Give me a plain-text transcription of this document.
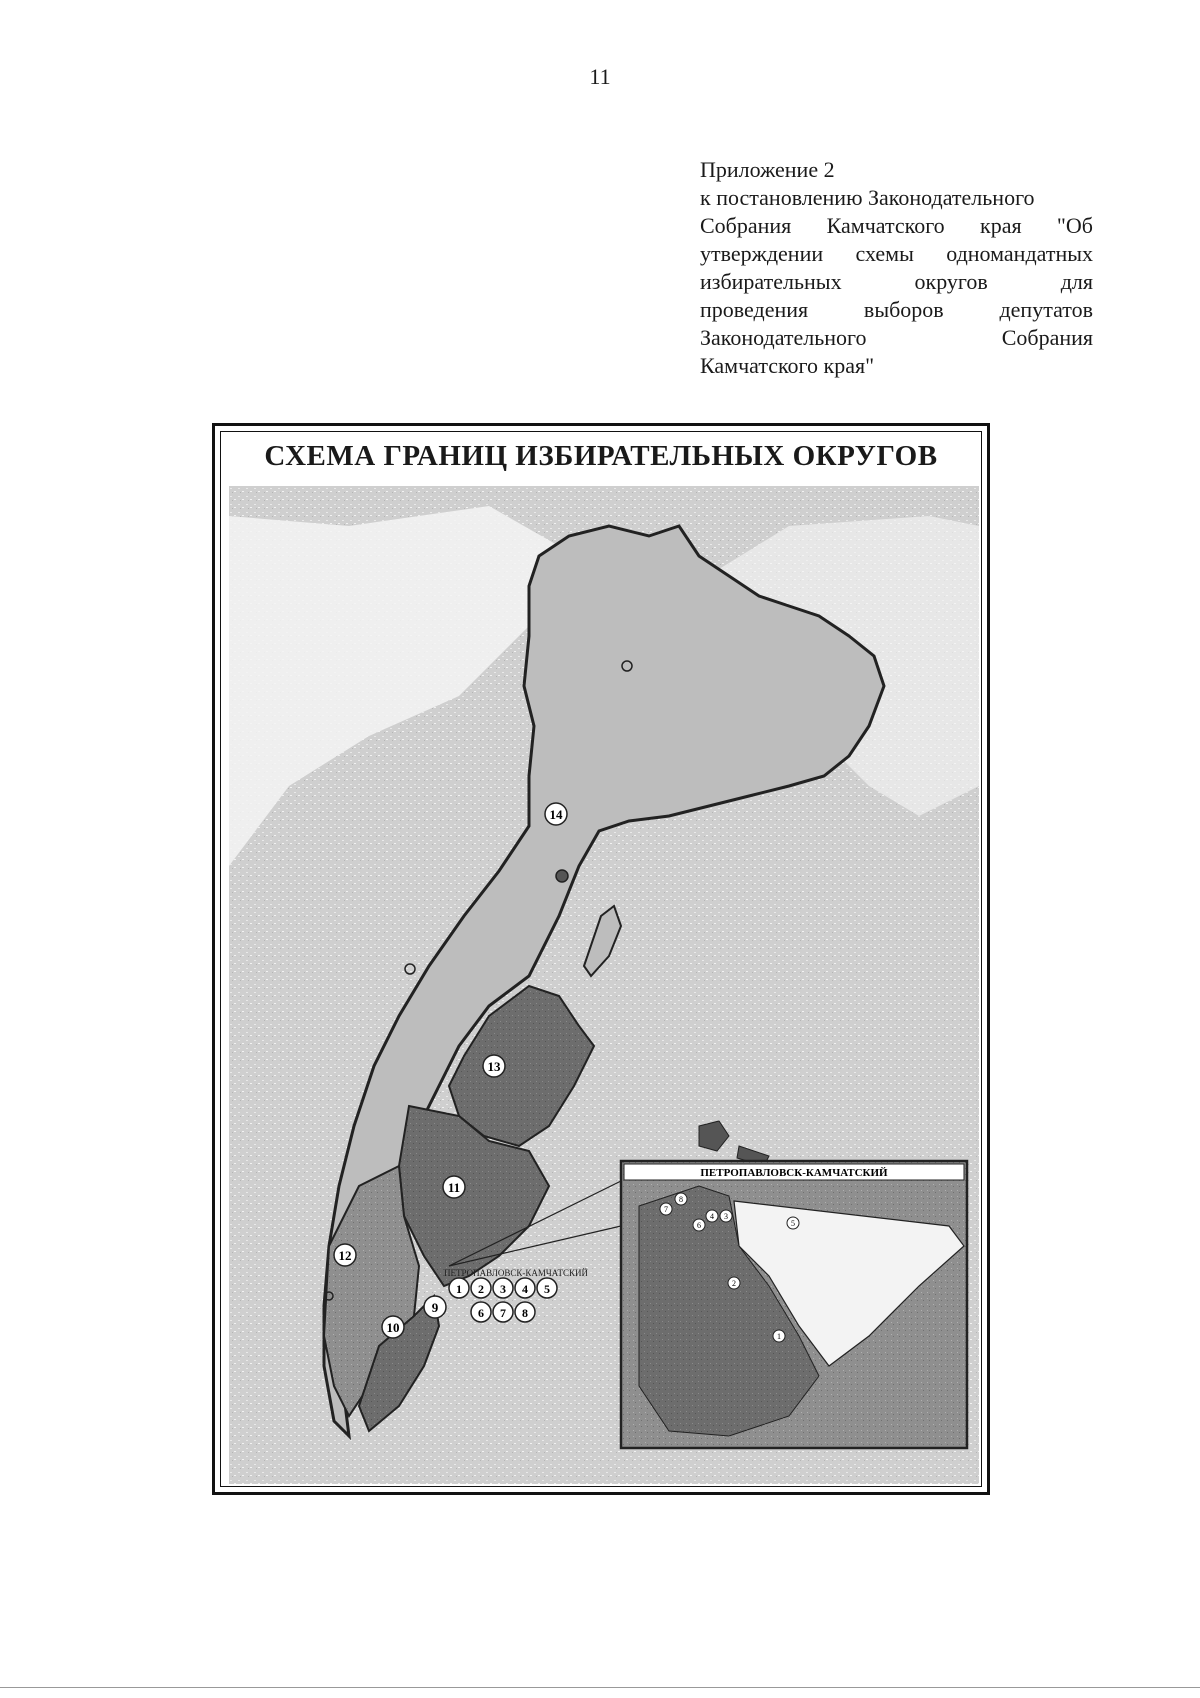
11
Приложение 2
к постановлению Законодательного
Собрания Камчатского края "Об
утверждении схемы одномандатных
избирательных округов для
проведения выборов депутатов
Законодательного Собрания
Камчатского края"
СХЕМА ГРАНИЦ ИЗБИРАТЕЛЬНЫХ ОКРУГОВ
14
13
11
12
10
9
ПЕТРОПАВЛОВСК-КАМЧАТСКИЙ
1 2 3 4 5
6 7 8
ПЕТРОПАВЛОВСК-КАМЧАТСКИЙ
8
7
6	5
4 3
2
1
